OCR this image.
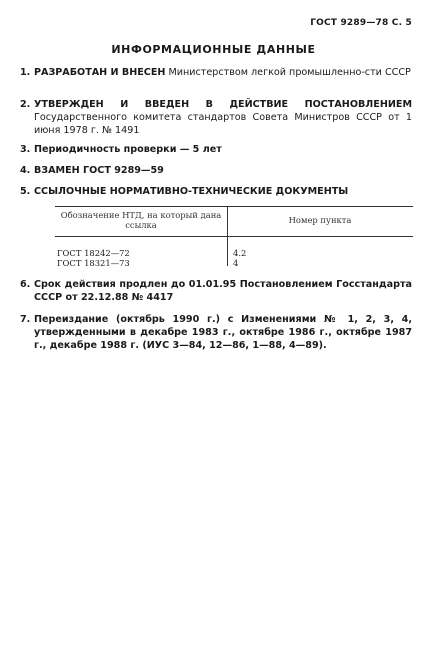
ГОСТ 9289—78 С. 5
ИНФОРМАЦИОННЫЕ ДАННЫЕ
1. РАЗРАБОТАН И ВНЕСЕН Министерством легкой промышленно-сти СССР
2. УТВЕРЖДЕН И ВВЕДЕН В ДЕЙСТВИЕ ПОСТАНОВЛЕНИЕМ Государственного комитета стандартов Совета Министров СССР от 1 июня 1978 г. № 1491
3. Периодичность проверки — 5 лет
4. ВЗАМЕН ГОСТ 9289—59
5. ССЫЛОЧНЫЕ НОРМАТИВНО-ТЕХНИЧЕСКИЕ ДОКУМЕНТЫ
Обозначение НТД, на который дана ссылка	Номер пункта
ГОСТ 18242—72	4.2
ГОСТ 18321—73	4
6. Срок действия продлен до 01.01.95 Постановлением Госстандарта СССР от 22.12.88 № 4417
7. Переиздание (октябрь 1990 г.) с Изменениями № 1, 2, 3, 4, утвержденными в декабре 1983 г., октябре 1986 г., октябре 1987 г., декабре 1988 г. (ИУС 3—84, 12—86, 1—88, 4—89).
